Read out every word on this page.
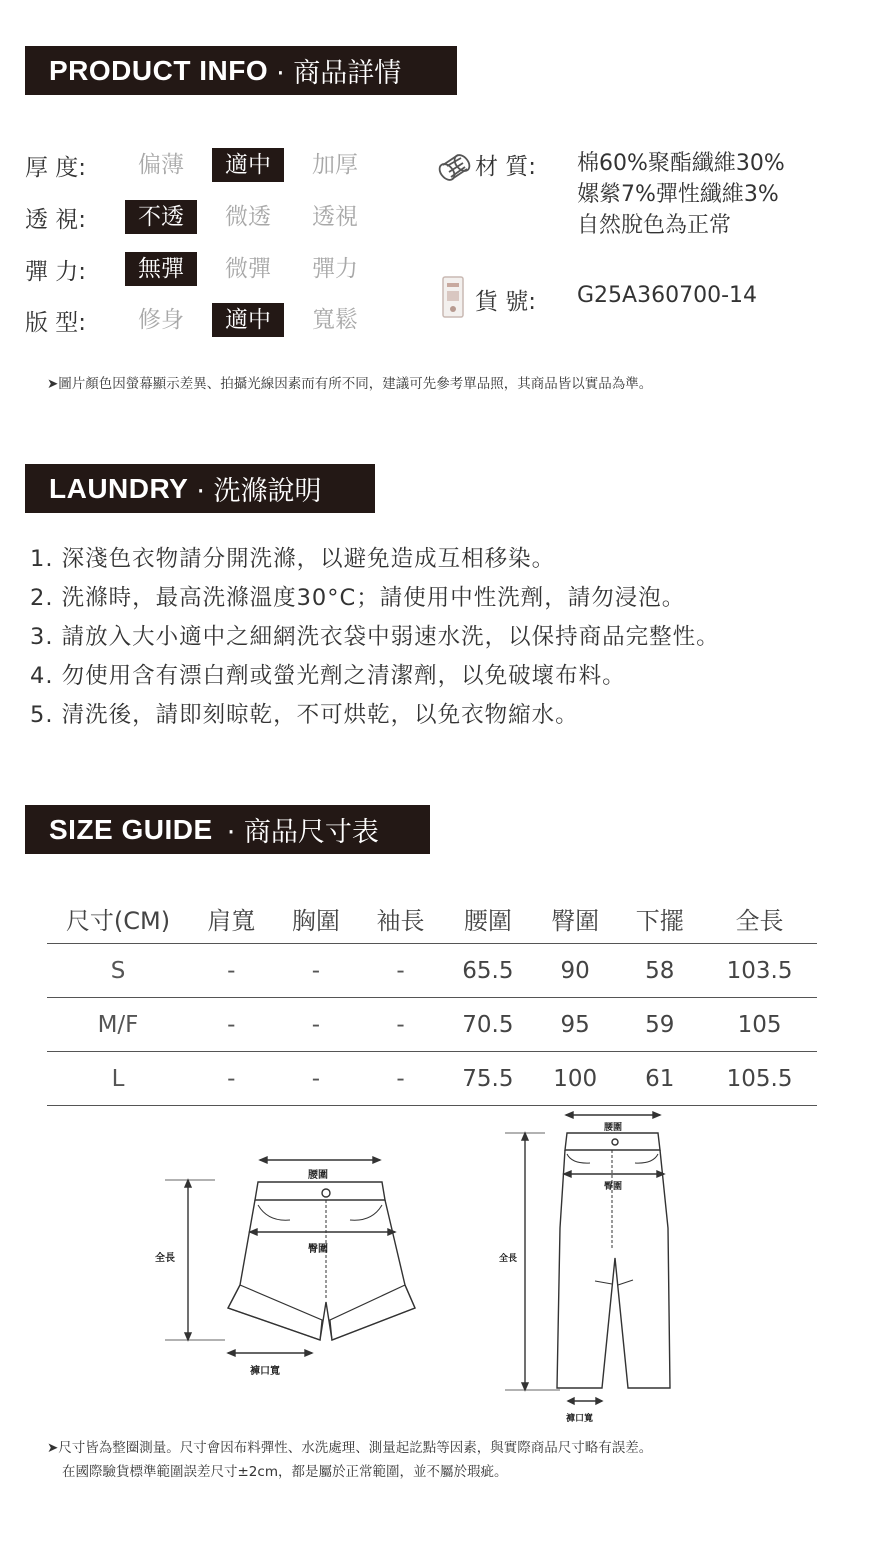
PRODUCT INFO · 商品詳情
厚 度:	偏薄	適中	加厚
透 視:	不透	微透	透視
彈 力:	無彈	微彈	彈力
版 型:	修身	適中	寬鬆
材 質: 棉60%聚酯纖維30%
嫘縈7%彈性纖維3%
自然脫色為正常
貨 號: G25A360700-14
➤圖片顏色因螢幕顯示差異、拍攝光線因素而有所不同，建議可先參考單品照，其商品皆以實品為準。
LAUNDRY · 洗滌說明
1. 深淺色衣物請分開洗滌，以避免造成互相移染。
2. 洗滌時，最高洗滌溫度30°C；請使用中性洗劑，請勿浸泡。
3. 請放入大小適中之細網洗衣袋中弱速水洗，以保持商品完整性。
4. 勿使用含有漂白劑或螢光劑之清潔劑，以免破壞布料。
5. 清洗後，請即刻晾乾，不可烘乾，以免衣物縮水。
SIZE GUIDE · 商品尺寸表
尺寸(CM)	肩寬	胸圍	袖長	腰圍	臀圍	下擺	全長
S	-	-	-	65.5	90	58	103.5
M/F	-	-	-	70.5	95	59	105
L	-	-	-	75.5	100	61	105.5
腰圍
臀圍
全長
褲口寬
腰圍
臀圍
全長
褲口寬
➤尺寸皆為整圈測量。尺寸會因布料彈性、水洗處理、測量起訖點等因素，與實際商品尺寸略有誤差。
在國際驗貨標準範圍誤差尺寸±2cm，都是屬於正常範圍，並不屬於瑕疵。
